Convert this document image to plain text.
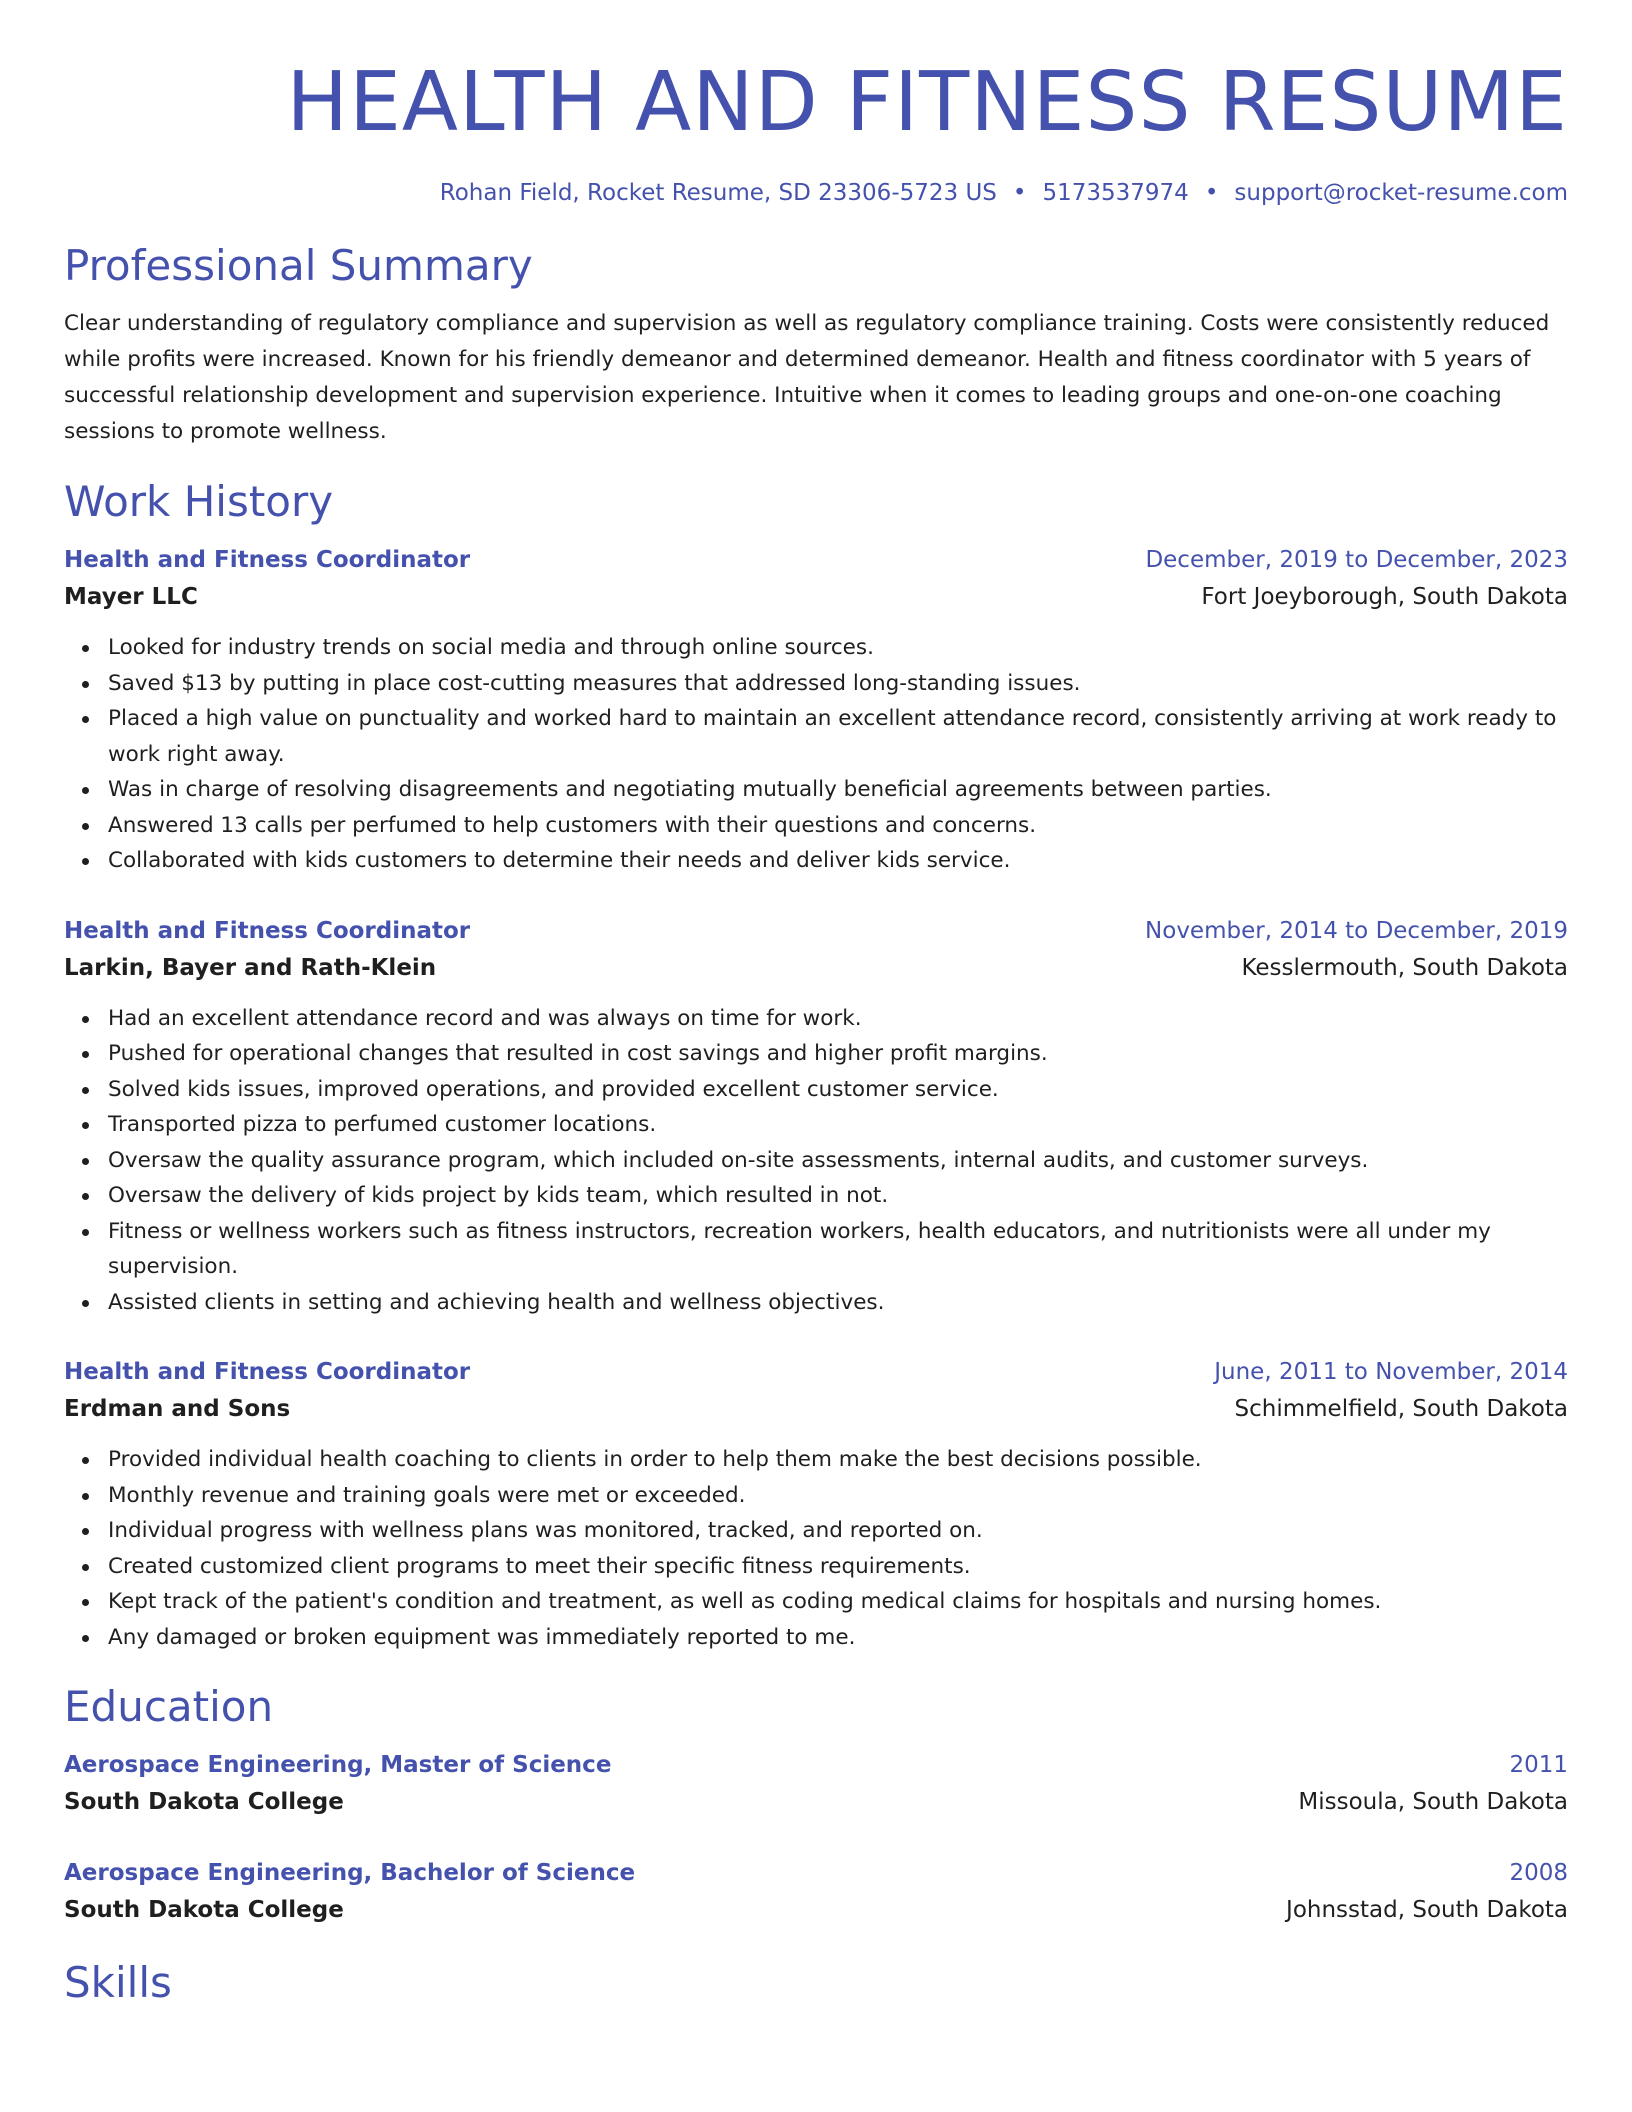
HEALTH AND FITNESS RESUME
Rohan Field, Rocket Resume, SD 23306-5723 US • 5173537974 • support@rocket-resume.com
Professional Summary

Clear understanding of regulatory compliance and supervision as well as regulatory compliance training. Costs were consistently reduced while profits were increased. Known for his friendly demeanor and determined demeanor. Health and fitness coordinator with 5 years of successful relationship development and supervision experience. Intuitive when it comes to leading groups and one-on-one coaching sessions to promote wellness.

Work History
Health and Fitness Coordinator	December, 2019 to December, 2023
Mayer LLC	Fort Joeyborough, South Dakota
Looked for industry trends on social media and through online sources.
Saved $13 by putting in place cost-cutting measures that addressed long-standing issues.
Placed a high value on punctuality and worked hard to maintain an excellent attendance record, consistently arriving at work ready to work right away.
Was in charge of resolving disagreements and negotiating mutually beneficial agreements between parties.
Answered 13 calls per perfumed to help customers with their questions and concerns.
Collaborated with kids customers to determine their needs and deliver kids service.
Health and Fitness Coordinator	November, 2014 to December, 2019
Larkin, Bayer and Rath-Klein	Kesslermouth, South Dakota
Had an excellent attendance record and was always on time for work.
Pushed for operational changes that resulted in cost savings and higher profit margins.
Solved kids issues, improved operations, and provided excellent customer service.
Transported pizza to perfumed customer locations.
Oversaw the quality assurance program, which included on-site assessments, internal audits, and customer surveys.
Oversaw the delivery of kids project by kids team, which resulted in not.
Fitness or wellness workers such as fitness instructors, recreation workers, health educators, and nutritionists were all under my supervision.
Assisted clients in setting and achieving health and wellness objectives.
Health and Fitness Coordinator	June, 2011 to November, 2014
Erdman and Sons	Schimmelfield, South Dakota
Provided individual health coaching to clients in order to help them make the best decisions possible.
Monthly revenue and training goals were met or exceeded.
Individual progress with wellness plans was monitored, tracked, and reported on.
Created customized client programs to meet their specific fitness requirements.
Kept track of the patient's condition and treatment, as well as coding medical claims for hospitals and nursing homes.
Any damaged or broken equipment was immediately reported to me.
Education
Aerospace Engineering, Master of Science	2011
South Dakota College	Missoula, South Dakota
Aerospace Engineering, Bachelor of Science	2008
South Dakota College	Johnsstad, South Dakota
Skills
